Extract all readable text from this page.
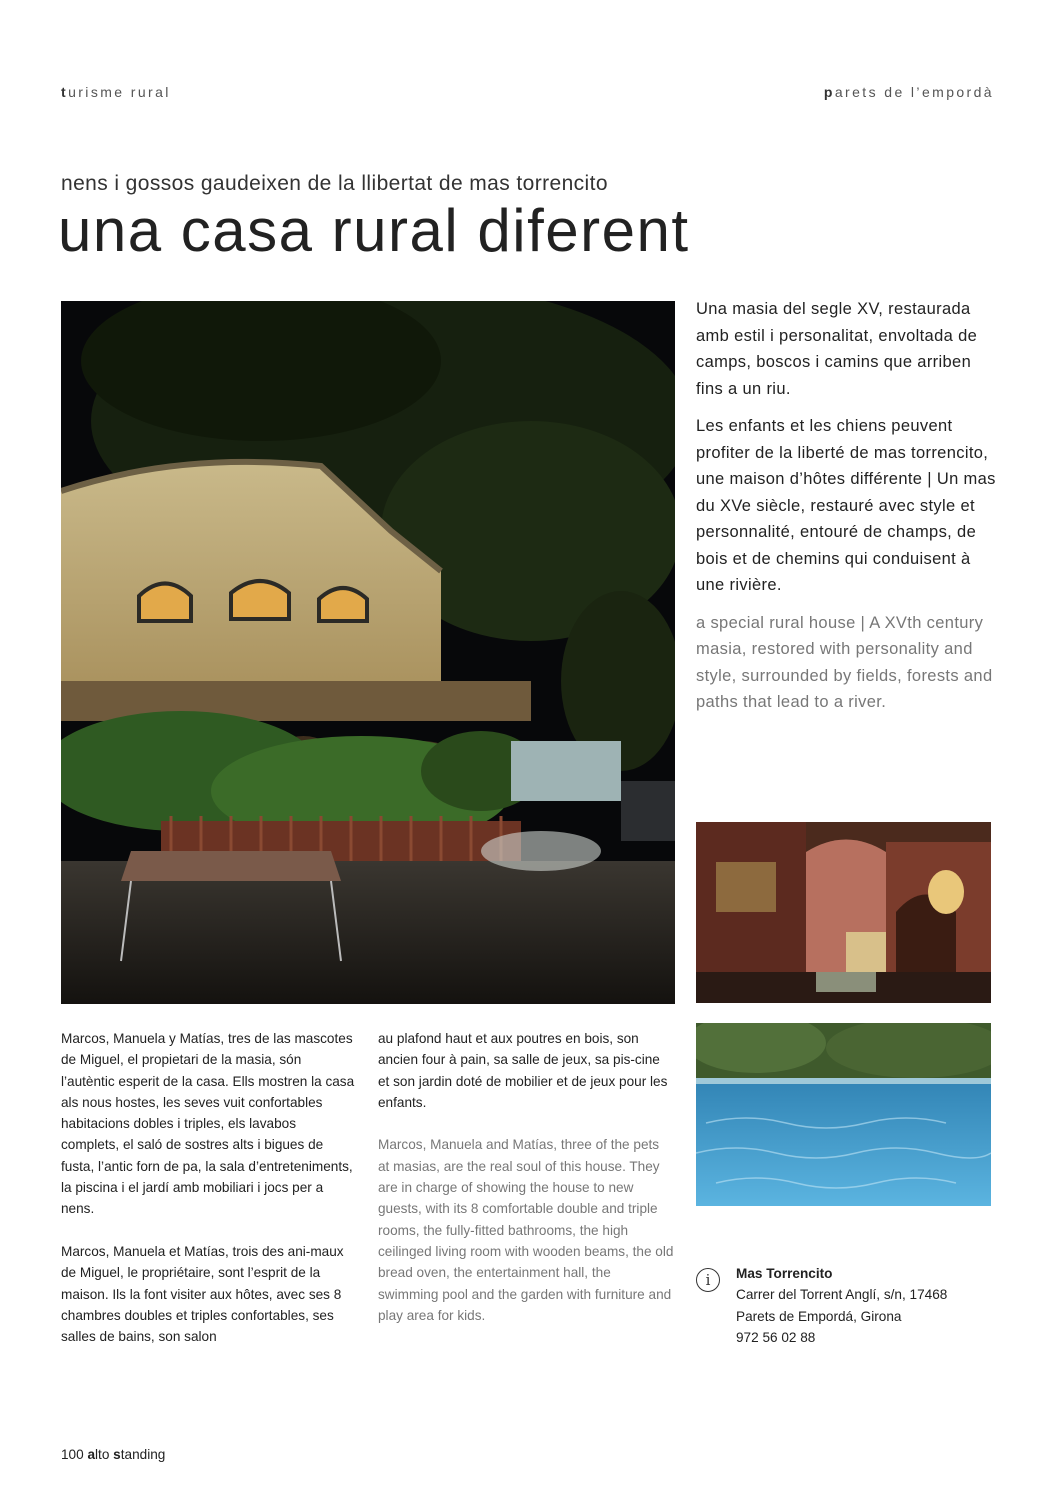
turisme rural	parets de l’empordà
nens i gossos gaudeixen de la llibertat de mas torrencito
una casa rural diferent

Una masia del segle XV, restaurada amb estil i personalitat, envoltada de camps, boscos i camins que arriben fins a un riu.

Les enfants et les chiens peuvent profiter de la liberté de mas torrencito, une maison d’hôtes différente | Un mas du XVe siècle, restauré avec style et personnalité, entouré de champs, de bois et de chemins qui conduisent à une rivière.

a special rural house | A XVth century masia, restored with personality and style, surrounded by fields, forests and paths that lead to a river.

Marcos, Manuela y Matías, tres de las mascotes de Miguel, el propietari de la masia, són l’autèntic esperit de la casa. Ells mostren la casa als nous hostes, les seves vuit confortables habitacions dobles i triples, els lavabos complets, el saló de sostres alts i bigues de fusta, l’antic forn de pa, la sala d’entreteniments, la piscina i el jardí amb mobiliari i jocs per a nens.

Marcos, Manuela et Matías, trois des ani-maux de Miguel, le propriétaire, sont l’esprit de la maison. Ils la font visiter aux hôtes, avec ses 8 chambres doubles et triples confortables, ses salles de bains, son salon

au plafond haut et aux poutres en bois, son ancien four à pain, sa salle de jeux, sa pis-cine et son jardin doté de mobilier et de jeux pour les enfants.

Marcos, Manuela and Matías, three of the pets at masias, are the real soul of this house. They are in charge of showing the house to new guests, with its 8 comfortable double and triple rooms, the fully-fitted bathrooms, the high ceilinged living room with wooden beams, the old bread oven, the entertainment hall, the swimming pool and the garden with furniture and play area for kids.

i	Mas Torrencito
Carrer del Torrent Anglí, s/n, 17468
Parets de Empordá, Girona
972 56 02 88
100 alto standing
